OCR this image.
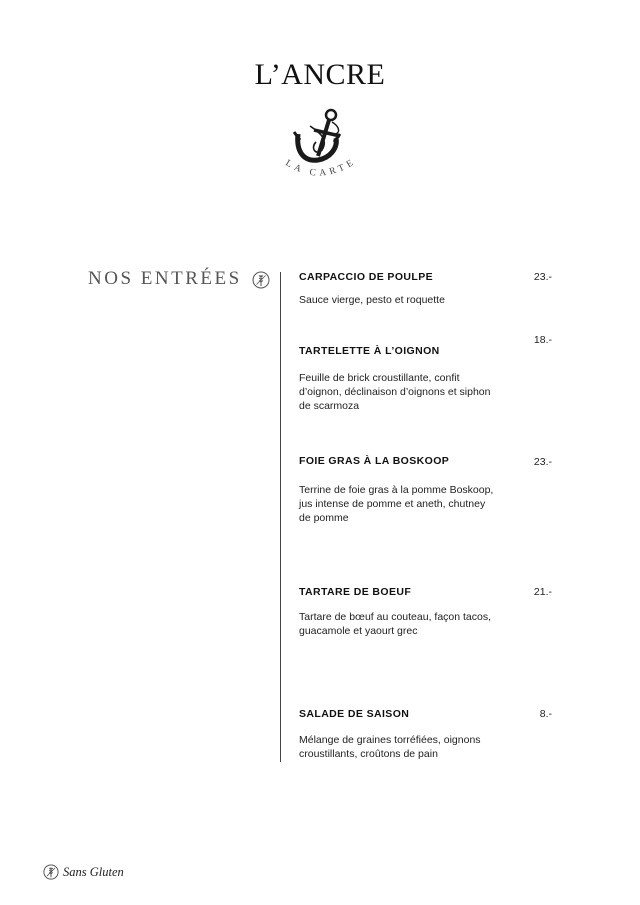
L’ANCRE
LA CARTE
NOS ENTRÉES	CARPACCIO DE POULPE	23.-

Sauce vierge, pesto et roquette

18.-

TARTELETTE À L’OIGNON

Feuille de brick croustillante, confit d’oignon, déclinaison d’oignons et siphon de scarmoza

FOIE GRAS À LA BOSKOOP	23.-

Terrine de foie gras à la pomme Boskoop, jus intense de pomme et aneth, chutney de pomme

TARTARE DE BOEUF	21.-

Tartare de bœuf au couteau, façon tacos, guacamole et yaourt grec

SALADE DE SAISON	8.-

Mélange de graines torréfiées, oignons croustillants, croûtons de pain

Sans Gluten
